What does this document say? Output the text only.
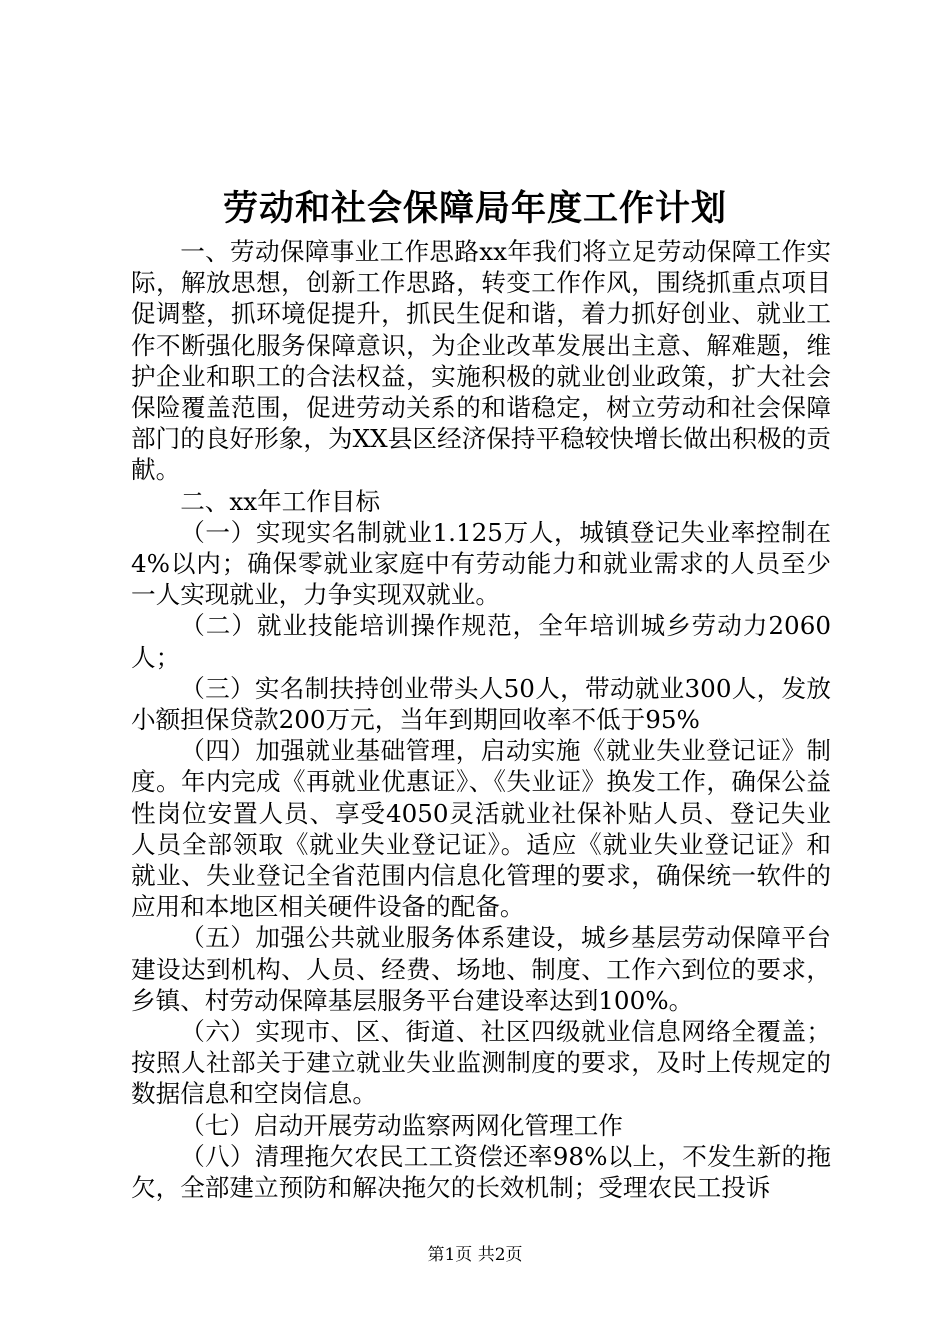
劳动和社会保障局年度工作计划

一、劳动保障事业工作思路xx年我们将立足劳动保障工作实际，解放思想，创新工作思路，转变工作作风，围绕抓重点项目促调整，抓环境促提升，抓民生促和谐，着力抓好创业、就业工作不断强化服务保障意识，为企业改革发展出主意、解难题，维护企业和职工的合法权益，实施积极的就业创业政策，扩大社会保险覆盖范围，促进劳动关系的和谐稳定，树立劳动和社会保障部门的良好形象，为XX县区经济保持平稳较快增长做出积极的贡献。

二、xx年工作目标

（一）实现实名制就业1.125万人，城镇登记失业率控制在4%以内；确保零就业家庭中有劳动能力和就业需求的人员至少一人实现就业，力争实现双就业。

（二）就业技能培训操作规范，全年培训城乡劳动力2060人；

（三）实名制扶持创业带头人50人，带动就业300人，发放小额担保贷款200万元，当年到期回收率不低于95%

（四）加强就业基础管理，启动实施《就业失业登记证》制度。年内完成《再就业优惠证》、《失业证》换发工作，确保公益性岗位安置人员、享受4050灵活就业社保补贴人员、登记失业人员全部领取《就业失业登记证》。适应《就业失业登记证》和就业、失业登记全省范围内信息化管理的要求，确保统一软件的应用和本地区相关硬件设备的配备。

（五）加强公共就业服务体系建设，城乡基层劳动保障平台建设达到机构、人员、经费、场地、制度、工作六到位的要求，乡镇、村劳动保障基层服务平台建设率达到100%。

（六）实现市、区、街道、社区四级就业信息网络全覆盖；按照人社部关于建立就业失业监测制度的要求，及时上传规定的数据信息和空岗信息。

（七）启动开展劳动监察两网化管理工作

（八）清理拖欠农民工工资偿还率98%以上，不发生新的拖欠，全部建立预防和解决拖欠的长效机制；受理农民工投诉

第1页 共2页
